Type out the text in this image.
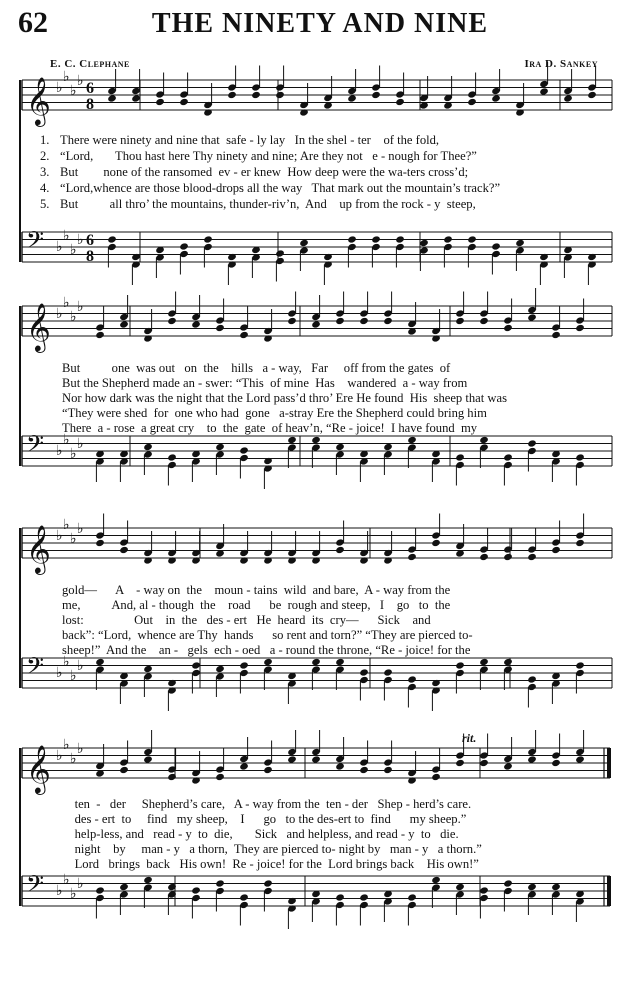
62	THE NINETY AND NINE
E. C. Clephane	Ira D. Sankey
𝄞 ♭
♭
♭
♭ 6
8
𝄢 ♭
♭
♭
♭ 6
8
𝄞 ♭
♭
♭
♭
𝄢 ♭
♭
♭
♭
𝄞 ♭
♭
♭
♭
𝄢 ♭
♭
♭
♭
𝄞 ♭
♭
♭
♭
𝄢 ♭
♭
♭
♭
rit.
1. There were ninety and nine that  safe - ly lay   In the shel - ter    of the fold,
2. “Lord,       Thou hast here Thy ninety and nine; Are they not   e - nough for Thee?”
3. But        none of the ransomed  ev - er knew  How deep were the wa-ters cross’d;
4. “Lord,whence are those blood-drops all the way   That mark out the mountain’s track?”
5. But          all thro’ the mountains, thunder-riv’n,  And    up from the rock - y  steep,
But          one  was out   on  the    hills   a - way,   Far     off from the gates  of
But the Shepherd made an - swer: “This  of mine  Has    wandered  a - way from
Nor how dark was the night that the Lord pass’d thro’ Ere He found  His  sheep that was
“They were shed  for  one who had  gone   a-stray Ere the Shepherd could bring him
There  a - rose  a great cry    to  the  gate  of heav’n, “Re - joice!  I have found  my
gold—      A    - way on  the    moun - tains  wild  and bare,  A - way from the
me,          And, al - though  the    road      be  rough and steep,   I    go   to  the
lost:                Out    in  the   des - ert   He  heard  its  cry—      Sick    and
back”: “Lord,  whence are Thy  hands      so rent and torn?” “They are pierced to-
sheep!”  And the    an -   gels  ech - oed   a - round the throne, “Re - joice! for the
ten  -   der     Shepherd’s care,   A - way from the  ten - der   Shep - herd’s care.
des - ert  to     find   my sheep,    I      go   to the des-ert to  find      my sheep.”
help-less, and   read - y  to  die,       Sick   and helpless, and read - y  to   die.
night    by     man - y   a thorn,  They are pierced to- night by   man - y   a thorn.”
Lord   brings  back   His own!  Re - joice! for the  Lord brings back    His own!”
